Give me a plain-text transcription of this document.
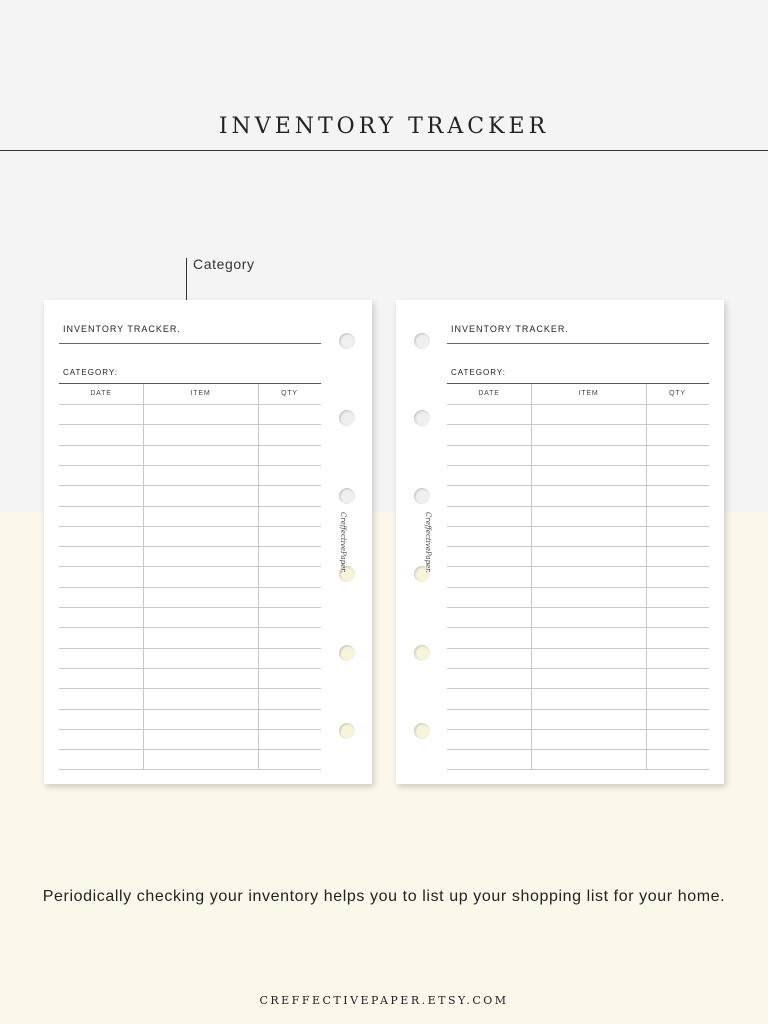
INVENTORY TRACKER
Category
INVENTORY TRACKER.
CATEGORY:
DATE	ITEM	QTY
CreffectivePaper.
INVENTORY TRACKER.
CATEGORY:
DATE	ITEM	QTY
CreffectivePaper.
Periodically checking your inventory helps you to list up your shopping list for your home.
CREFFECTIVEPAPER.ETSY.COM
